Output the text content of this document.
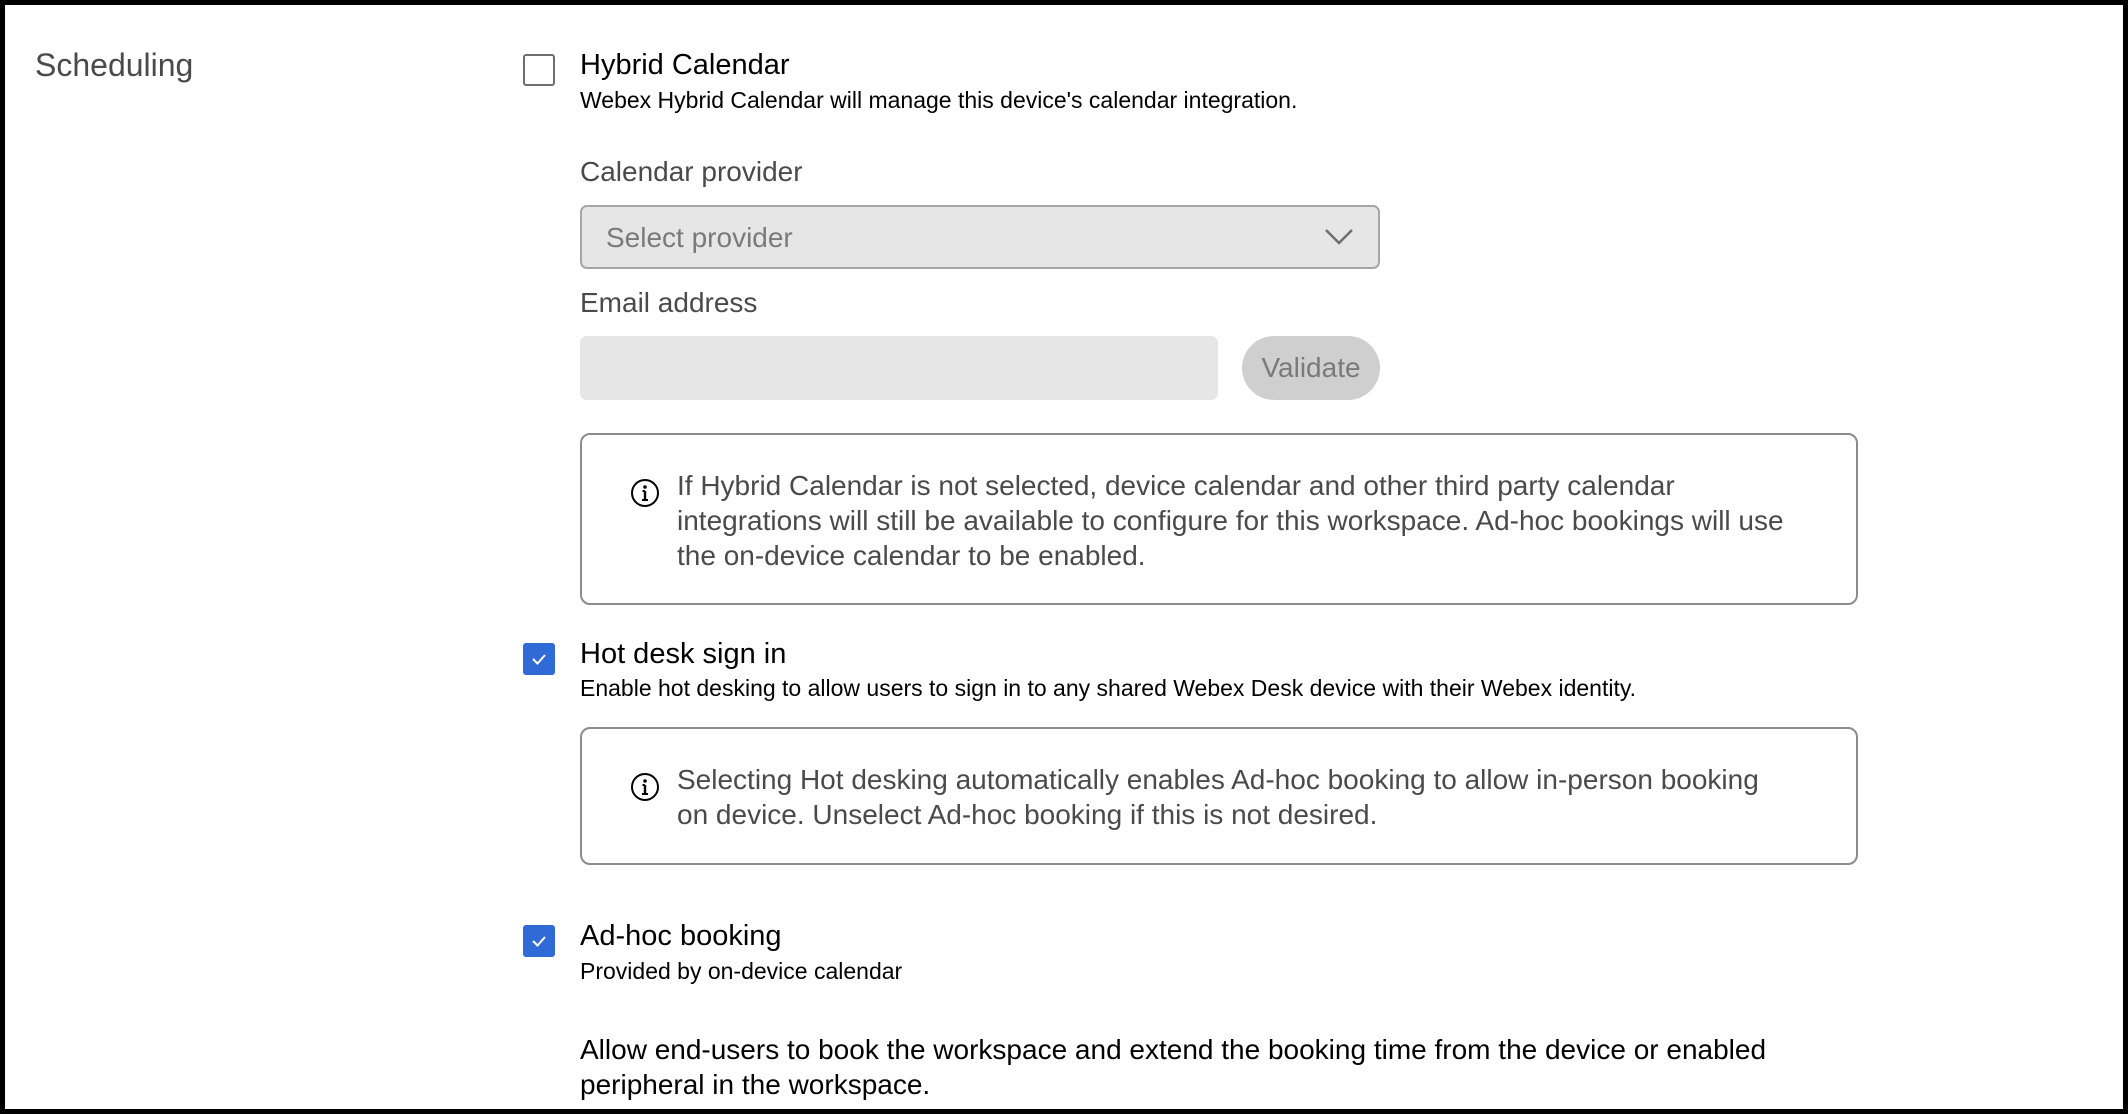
Scheduling	Hybrid Calendar
Webex Hybrid Calendar will manage this device's calendar integration.
Calendar provider
Select provider
Email address
Validate
If Hybrid Calendar is not selected, device calendar and other third party calendar integrations will still be available to configure for this workspace. Ad-hoc bookings will use the on-device calendar to be enabled.
Hot desk sign in
Enable hot desking to allow users to sign in to any shared Webex Desk device with their Webex identity.
Selecting Hot desking automatically enables Ad-hoc booking to allow in-person booking on device. Unselect Ad-hoc booking if this is not desired.
Ad-hoc booking
Provided by on-device calendar
Allow end-users to book the workspace and extend the booking time from the device or enabled peripheral in the workspace.
